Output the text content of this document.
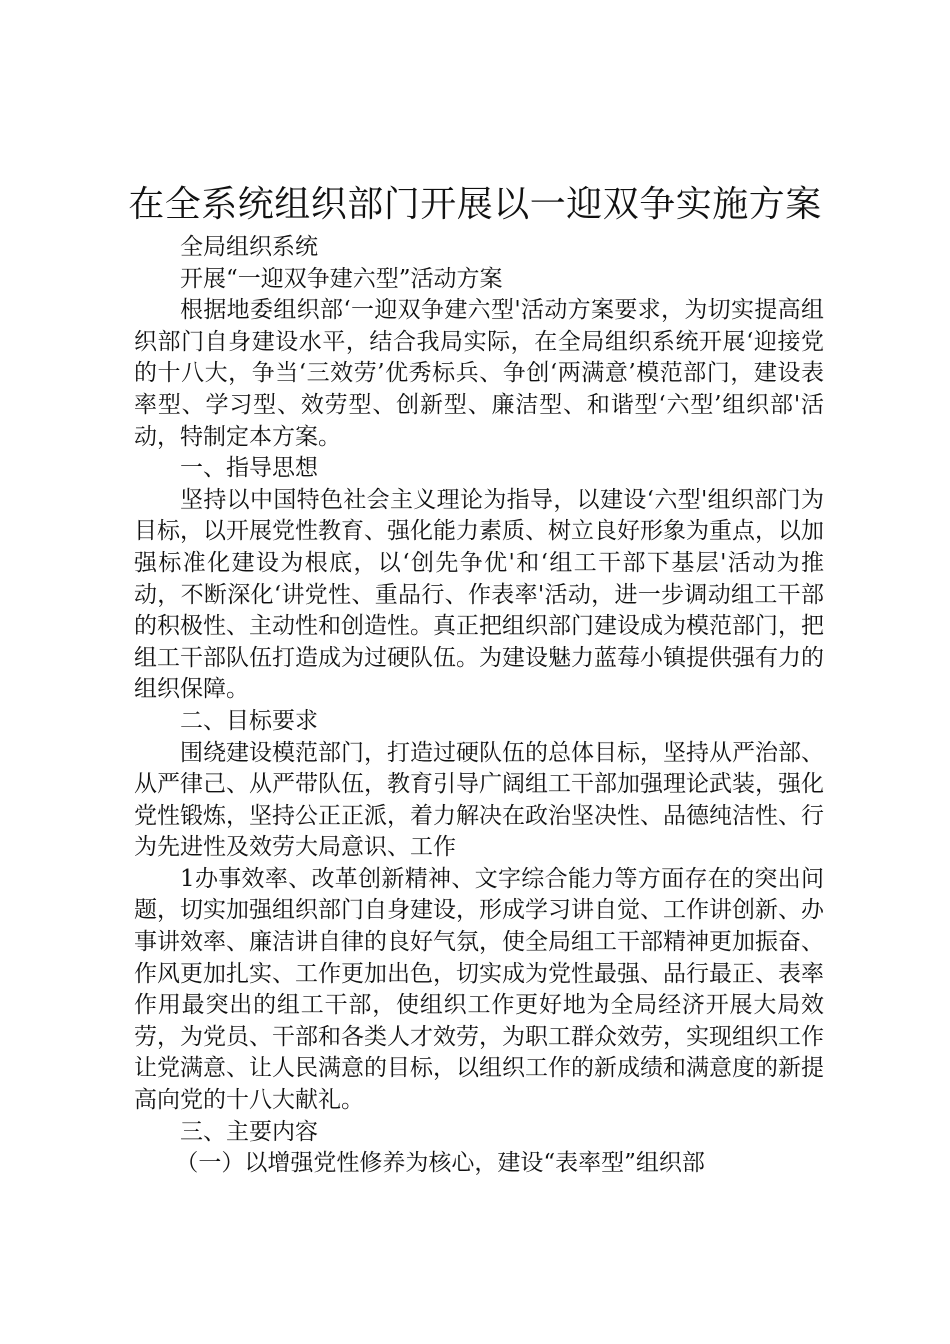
在全系统组织部门开展以一迎双争实施方案

全局组织系统

开展“一迎双争建六型”活动方案

根据地委组织部‘一迎双争建六型'活动方案要求，为切实提高组织部门自身建设水平，结合我局实际，在全局组织系统开展‘迎接党的十八大，争当‘三效劳’优秀标兵、争创‘两满意’模范部门，建设表率型、学习型、效劳型、创新型、廉洁型、和谐型‘六型’组织部'活动，特制定本方案。

一、指导思想

坚持以中国特色社会主义理论为指导，以建设‘六型'组织部门为目标，以开展党性教育、强化能力素质、树立良好形象为重点，以加强标准化建设为根底，以‘创先争优'和‘组工干部下基层'活动为推动，不断深化‘讲党性、重品行、作表率'活动，进一步调动组工干部的积极性、主动性和创造性。真正把组织部门建设成为模范部门，把组工干部队伍打造成为过硬队伍。为建设魅力蓝莓小镇提供强有力的组织保障。

二、目标要求

围绕建设模范部门，打造过硬队伍的总体目标，坚持从严治部、从严律己、从严带队伍，教育引导广阔组工干部加强理论武装，强化党性锻炼，坚持公正正派，着力解决在政治坚决性、品德纯洁性、行为先进性及效劳大局意识、工作

1办事效率、改革创新精神、文字综合能力等方面存在的突出问题，切实加强组织部门自身建设，形成学习讲自觉、工作讲创新、办事讲效率、廉洁讲自律的良好气氛，使全局组工干部精神更加振奋、作风更加扎实、工作更加出色，切实成为党性最强、品行最正、表率作用最突出的组工干部，使组织工作更好地为全局经济开展大局效劳，为党员、干部和各类人才效劳，为职工群众效劳，实现组织工作让党满意、让人民满意的目标，以组织工作的新成绩和满意度的新提高向党的十八大献礼。

三、主要内容

（一）以增强党性修养为核心，建设“表率型”组织部
